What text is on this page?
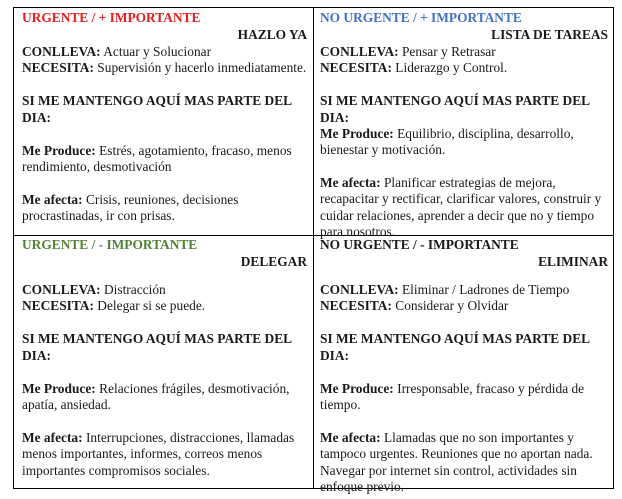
URGENTE / + IMPORTANTE
HAZLO YA
CONLLEVA: Actuar y Solucionar
NECESITA: Supervisión y hacerlo inmediatamente.
SI ME MANTENGO AQUÍ MAS PARTE DEL DIA:
Me Produce: Estrés, agotamiento, fracaso, menos rendimiento, desmotivación
Me afecta: Crisis, reuniones, decisiones procrastinadas, ir con prisas.
NO URGENTE / + IMPORTANTE
LISTA DE TAREAS
CONLLEVA: Pensar y Retrasar
NECESITA: Liderazgo y Control.
SI ME MANTENGO AQUÍ MAS PARTE DEL DIA:
Me Produce: Equilibrio, disciplina, desarrollo, bienestar y motivación.
Me afecta: Planificar estrategias de mejora, recapacitar y rectificar, clarificar valores, construir y cuidar relaciones, aprender a decir que no y tiempo para nosotros.
URGENTE / - IMPORTANTE
DELEGAR
CONLLEVA: Distracción
NECESITA: Delegar si se puede.
SI ME MANTENGO AQUÍ MAS PARTE DEL DIA:
Me Produce: Relaciones frágiles, desmotivación, apatía, ansiedad.
Me afecta: Interrupciones, distracciones, llamadas menos importantes, informes, correos menos importantes compromisos sociales.
NO URGENTE / - IMPORTANTE
ELIMINAR
CONLLEVA: Eliminar / Ladrones de Tiempo
NECESITA: Considerar y Olvidar
SI ME MANTENGO AQUÍ MAS PARTE DEL DIA:
Me Produce: Irresponsable, fracaso y pérdida de tiempo.
Me afecta: Llamadas que no son importantes y tampoco urgentes. Reuniones que no aportan nada. Navegar por internet sin control, actividades sin enfoque previo.
